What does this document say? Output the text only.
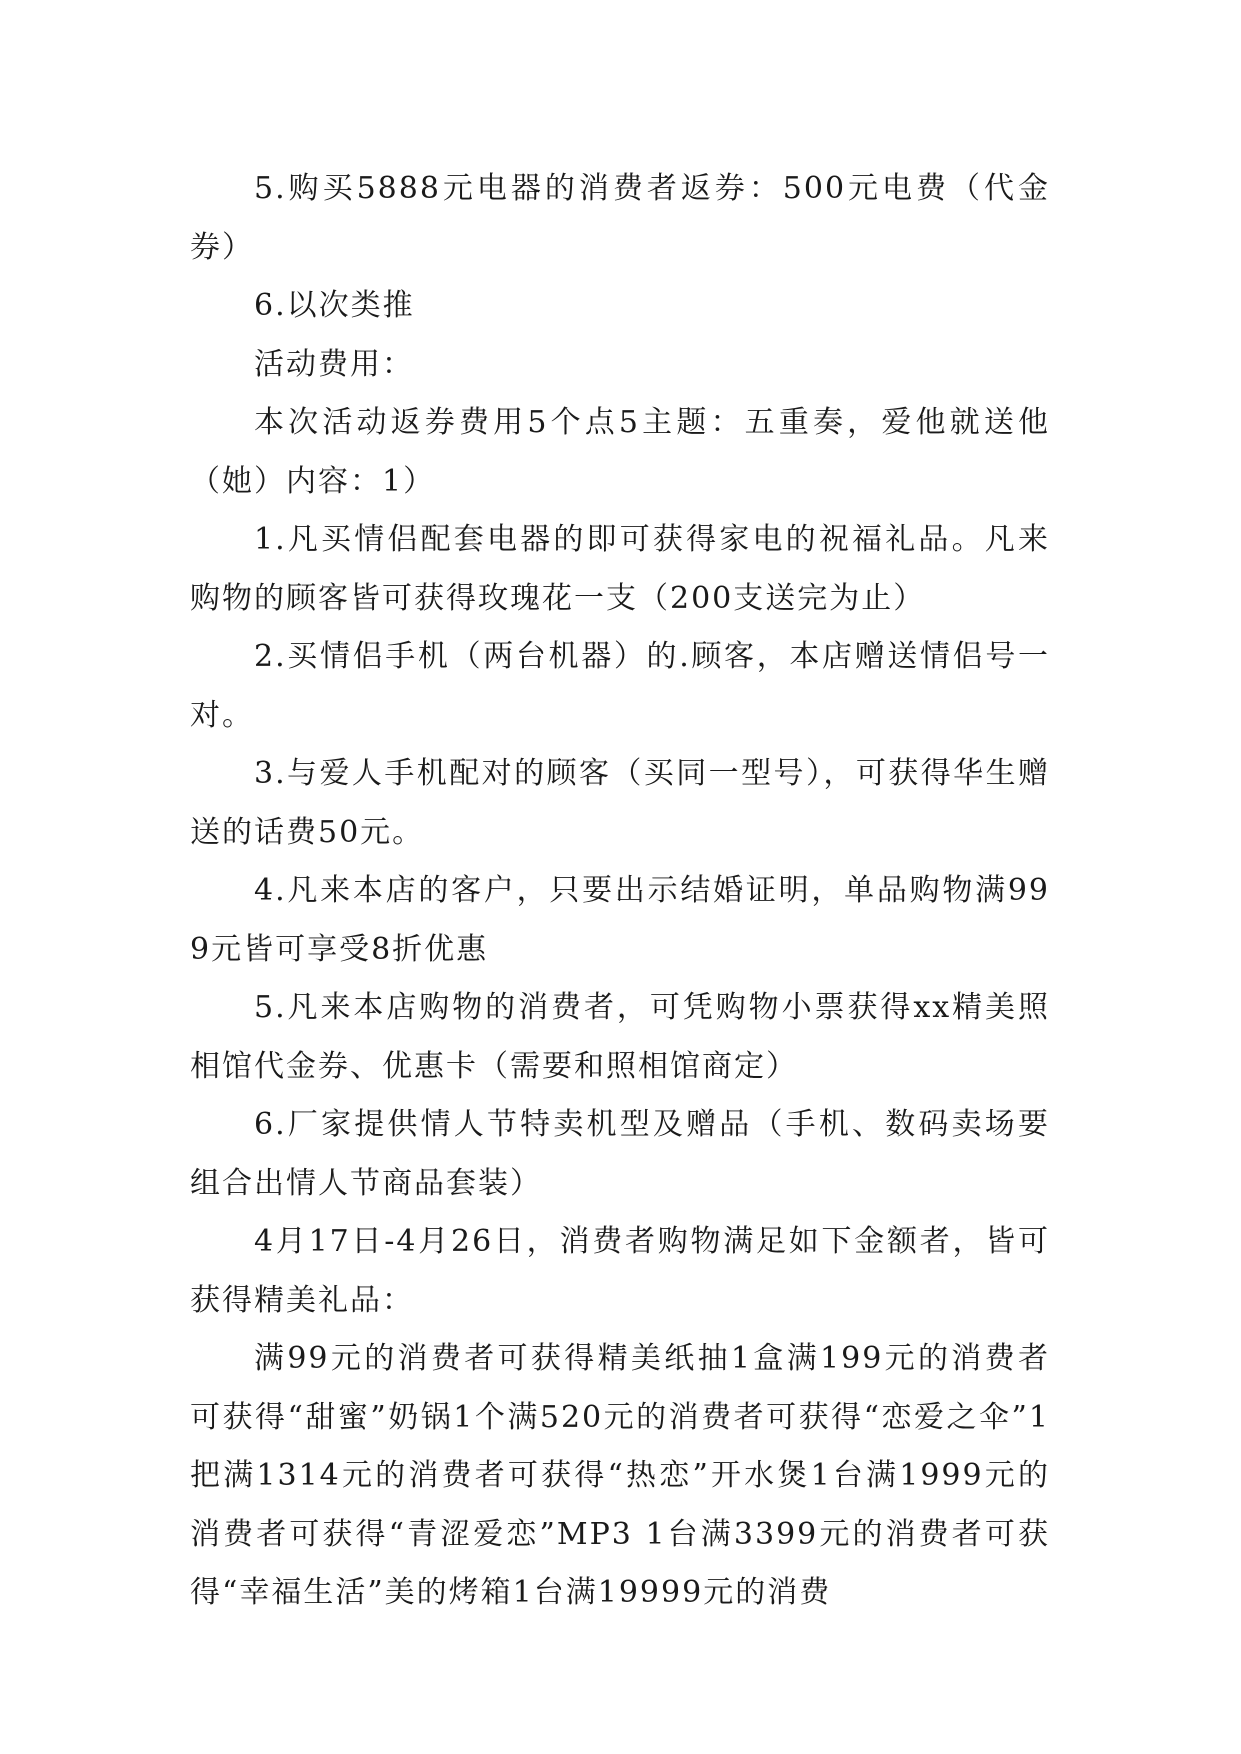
5.购买5888元电器的消费者返券：500元电费（代金券）

6.以次类推

活动费用：

本次活动返券费用5个点5主题：五重奏，爱他就送他（她）内容：1）

1.凡买情侣配套电器的即可获得家电的祝福礼品。凡来购物的顾客皆可获得玫瑰花一支（200支送完为止）

2.买情侣手机（两台机器）的.顾客，本店赠送情侣号一对。

3.与爱人手机配对的顾客（买同一型号），可获得华生赠送的话费50元。

4.凡来本店的客户，只要出示结婚证明，单品购物满999元皆可享受8折优惠

5.凡来本店购物的消费者，可凭购物小票获得xx精美照相馆代金券、优惠卡（需要和照相馆商定）

6.厂家提供情人节特卖机型及赠品（手机、数码卖场要组合出情人节商品套装）

4月17日-4月26日，消费者购物满足如下金额者，皆可获得精美礼品：

满99元的消费者可获得精美纸抽1盒满199元的消费者可获得“甜蜜”奶锅1个满520元的消费者可获得“恋爱之伞”1把满1314元的消费者可获得“热恋”开水煲1台满1999元的消费者可获得“青涩爱恋”MP3 1台满3399元的消费者可获得“幸福生活”美的烤箱1台满19999元的消费
